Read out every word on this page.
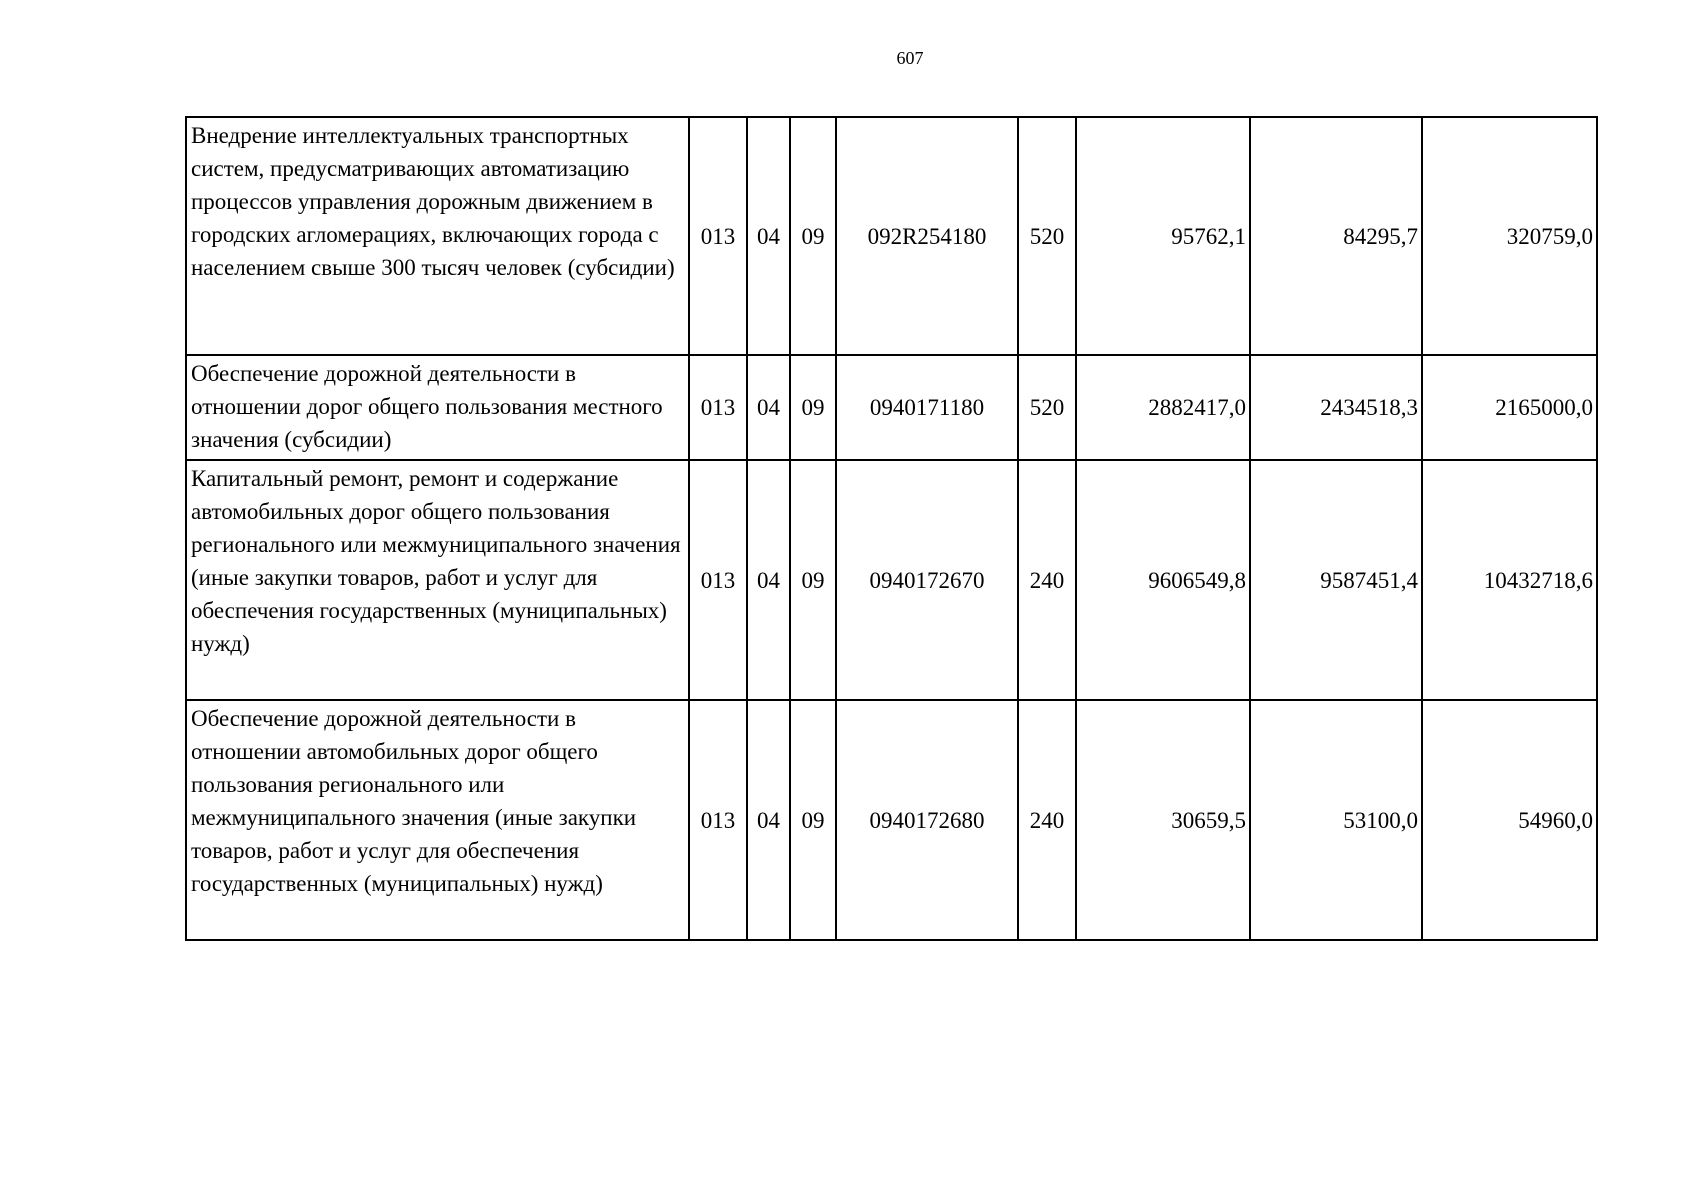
607
Внедрение интеллектуальных транспортных систем, предусматривающих автоматизацию процессов управления дорожным движением в городских агломерациях, включающих города с населением свыше 300 тысяч человек (субсидии)	013	04	09	092R254180	520	95762,1	84295,7	320759,0
Обеспечение дорожной деятельности в отношении дорог общего пользования местного значения (субсидии)	013	04	09	0940171180	520	2882417,0	2434518,3	2165000,0
Капитальный ремонт, ремонт и содержание автомобильных дорог общего пользования регионального или межмуниципального значения (иные закупки товаров, работ и услуг для обеспечения государственных (муниципальных) нужд)	013	04	09	0940172670	240	9606549,8	9587451,4	10432718,6
Обеспечение дорожной деятельности в отношении автомобильных дорог общего пользования регионального или межмуниципального значения (иные закупки товаров, работ и услуг для обеспечения государственных (муниципальных) нужд)	013	04	09	0940172680	240	30659,5	53100,0	54960,0
